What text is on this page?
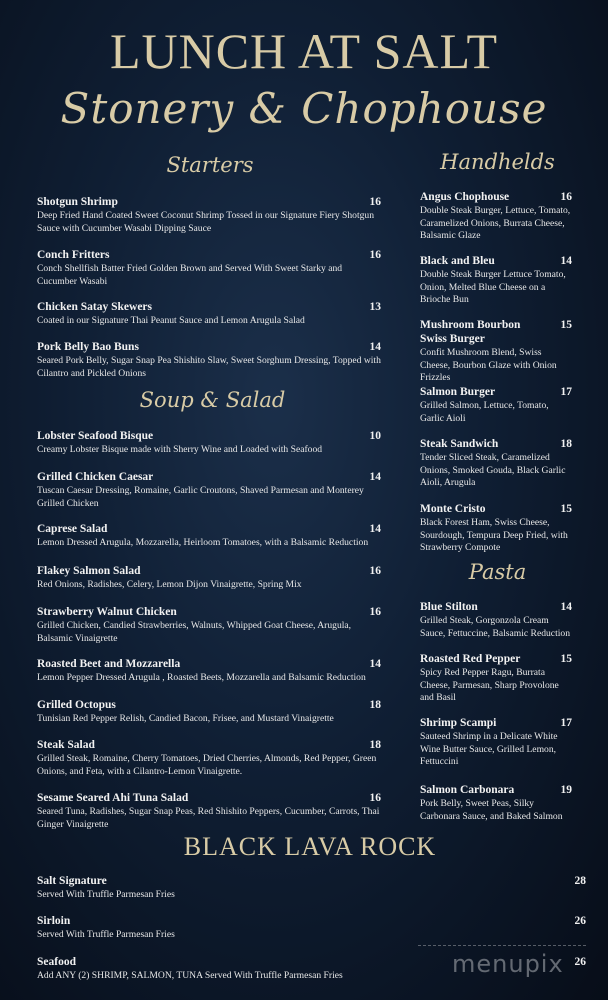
LUNCH AT SALT
Stonery & Chophouse
Starters
Soup & Salad
Handhelds
Pasta
BLACK LAVA ROCK
Shotgun Shrimp	16
Deep Fried Hand Coated Sweet Coconut Shrimp Tossed in our Signature Fiery Shotgun Sauce with Cucumber Wasabi Dipping Sauce
Conch Fritters	16
Conch Shellfish Batter Fried Golden Brown and Served With Sweet Starky and Cucumber Wasabi
Chicken Satay Skewers	13
Coated in our Signature Thai Peanut Sauce and Lemon Arugula Salad
Pork Belly Bao Buns	14
Seared Pork Belly, Sugar Snap Pea Shishito Slaw, Sweet Sorghum Dressing, Topped with Cilantro and Pickled Onions
Lobster Seafood Bisque	10
Creamy Lobster Bisque made with Sherry Wine and Loaded with Seafood
Grilled Chicken Caesar	14
Tuscan Caesar Dressing, Romaine, Garlic Croutons, Shaved Parmesan and Monterey Grilled Chicken
Caprese Salad	14
Lemon Dressed Arugula, Mozzarella, Heirloom Tomatoes, with a Balsamic Reduction
Flakey Salmon Salad	16
Red Onions, Radishes, Celery, Lemon Dijon Vinaigrette, Spring Mix
Strawberry Walnut Chicken	16
Grilled Chicken, Candied Strawberries, Walnuts, Whipped Goat Cheese, Arugula, Balsamic Vinaigrette
Roasted Beet and Mozzarella	14
Lemon Pepper Dressed Arugula , Roasted Beets, Mozzarella and Balsamic Reduction
Grilled Octopus	18
Tunisian Red Pepper Relish, Candied Bacon, Frisee, and Mustard Vinaigrette
Steak Salad	18
Grilled Steak, Romaine, Cherry Tomatoes, Dried Cherries, Almonds, Red Pepper, Green Onions, and Feta, with a Cilantro-Lemon Vinaigrette.
Sesame Seared Ahi Tuna Salad	16
Seared Tuna, Radishes, Sugar Snap Peas, Red Shishito Peppers, Cucumber, Carrots, Thai Ginger Vinaigrette
Angus Chophouse	16
Double Steak Burger, Lettuce, Tomato, Caramelized Onions, Burrata Cheese, Balsamic Glaze
Black and Bleu	14
Double Steak Burger Lettuce Tomato, Onion, Melted Blue Cheese on a Brioche Bun
Mushroom Bourbon Swiss Burger
15
Confit Mushroom Blend, Swiss Cheese, Bourbon Glaze with Onion Frizzles
Salmon Burger	17
Grilled Salmon, Lettuce, Tomato, Garlic Aioli
Steak Sandwich	18
Tender Sliced Steak, Caramelized Onions, Smoked Gouda, Black Garlic Aioli, Arugula
Monte Cristo	15
Black Forest Ham, Swiss Cheese, Sourdough, Tempura Deep Fried, with Strawberry Compote
Blue Stilton	14
Grilled Steak, Gorgonzola Cream Sauce, Fettuccine, Balsamic Reduction
Roasted Red Pepper	15
Spicy Red Pepper Ragu, Burrata Cheese, Parmesan, Sharp Provolone and Basil
Shrimp Scampi	17
Sauteed Shrimp in a Delicate White Wine Butter Sauce, Grilled Lemon, Fettuccini
Salmon Carbonara	19
Pork Belly, Sweet Peas, Silky Carbonara Sauce, and Baked Salmon
Salt Signature	28
Served With Truffle Parmesan Fries
Sirloin	26
Served With Truffle Parmesan Fries
Seafood	26
Add ANY (2) SHRIMP, SALMON, TUNA Served With Truffle Parmesan Fries	menupix
